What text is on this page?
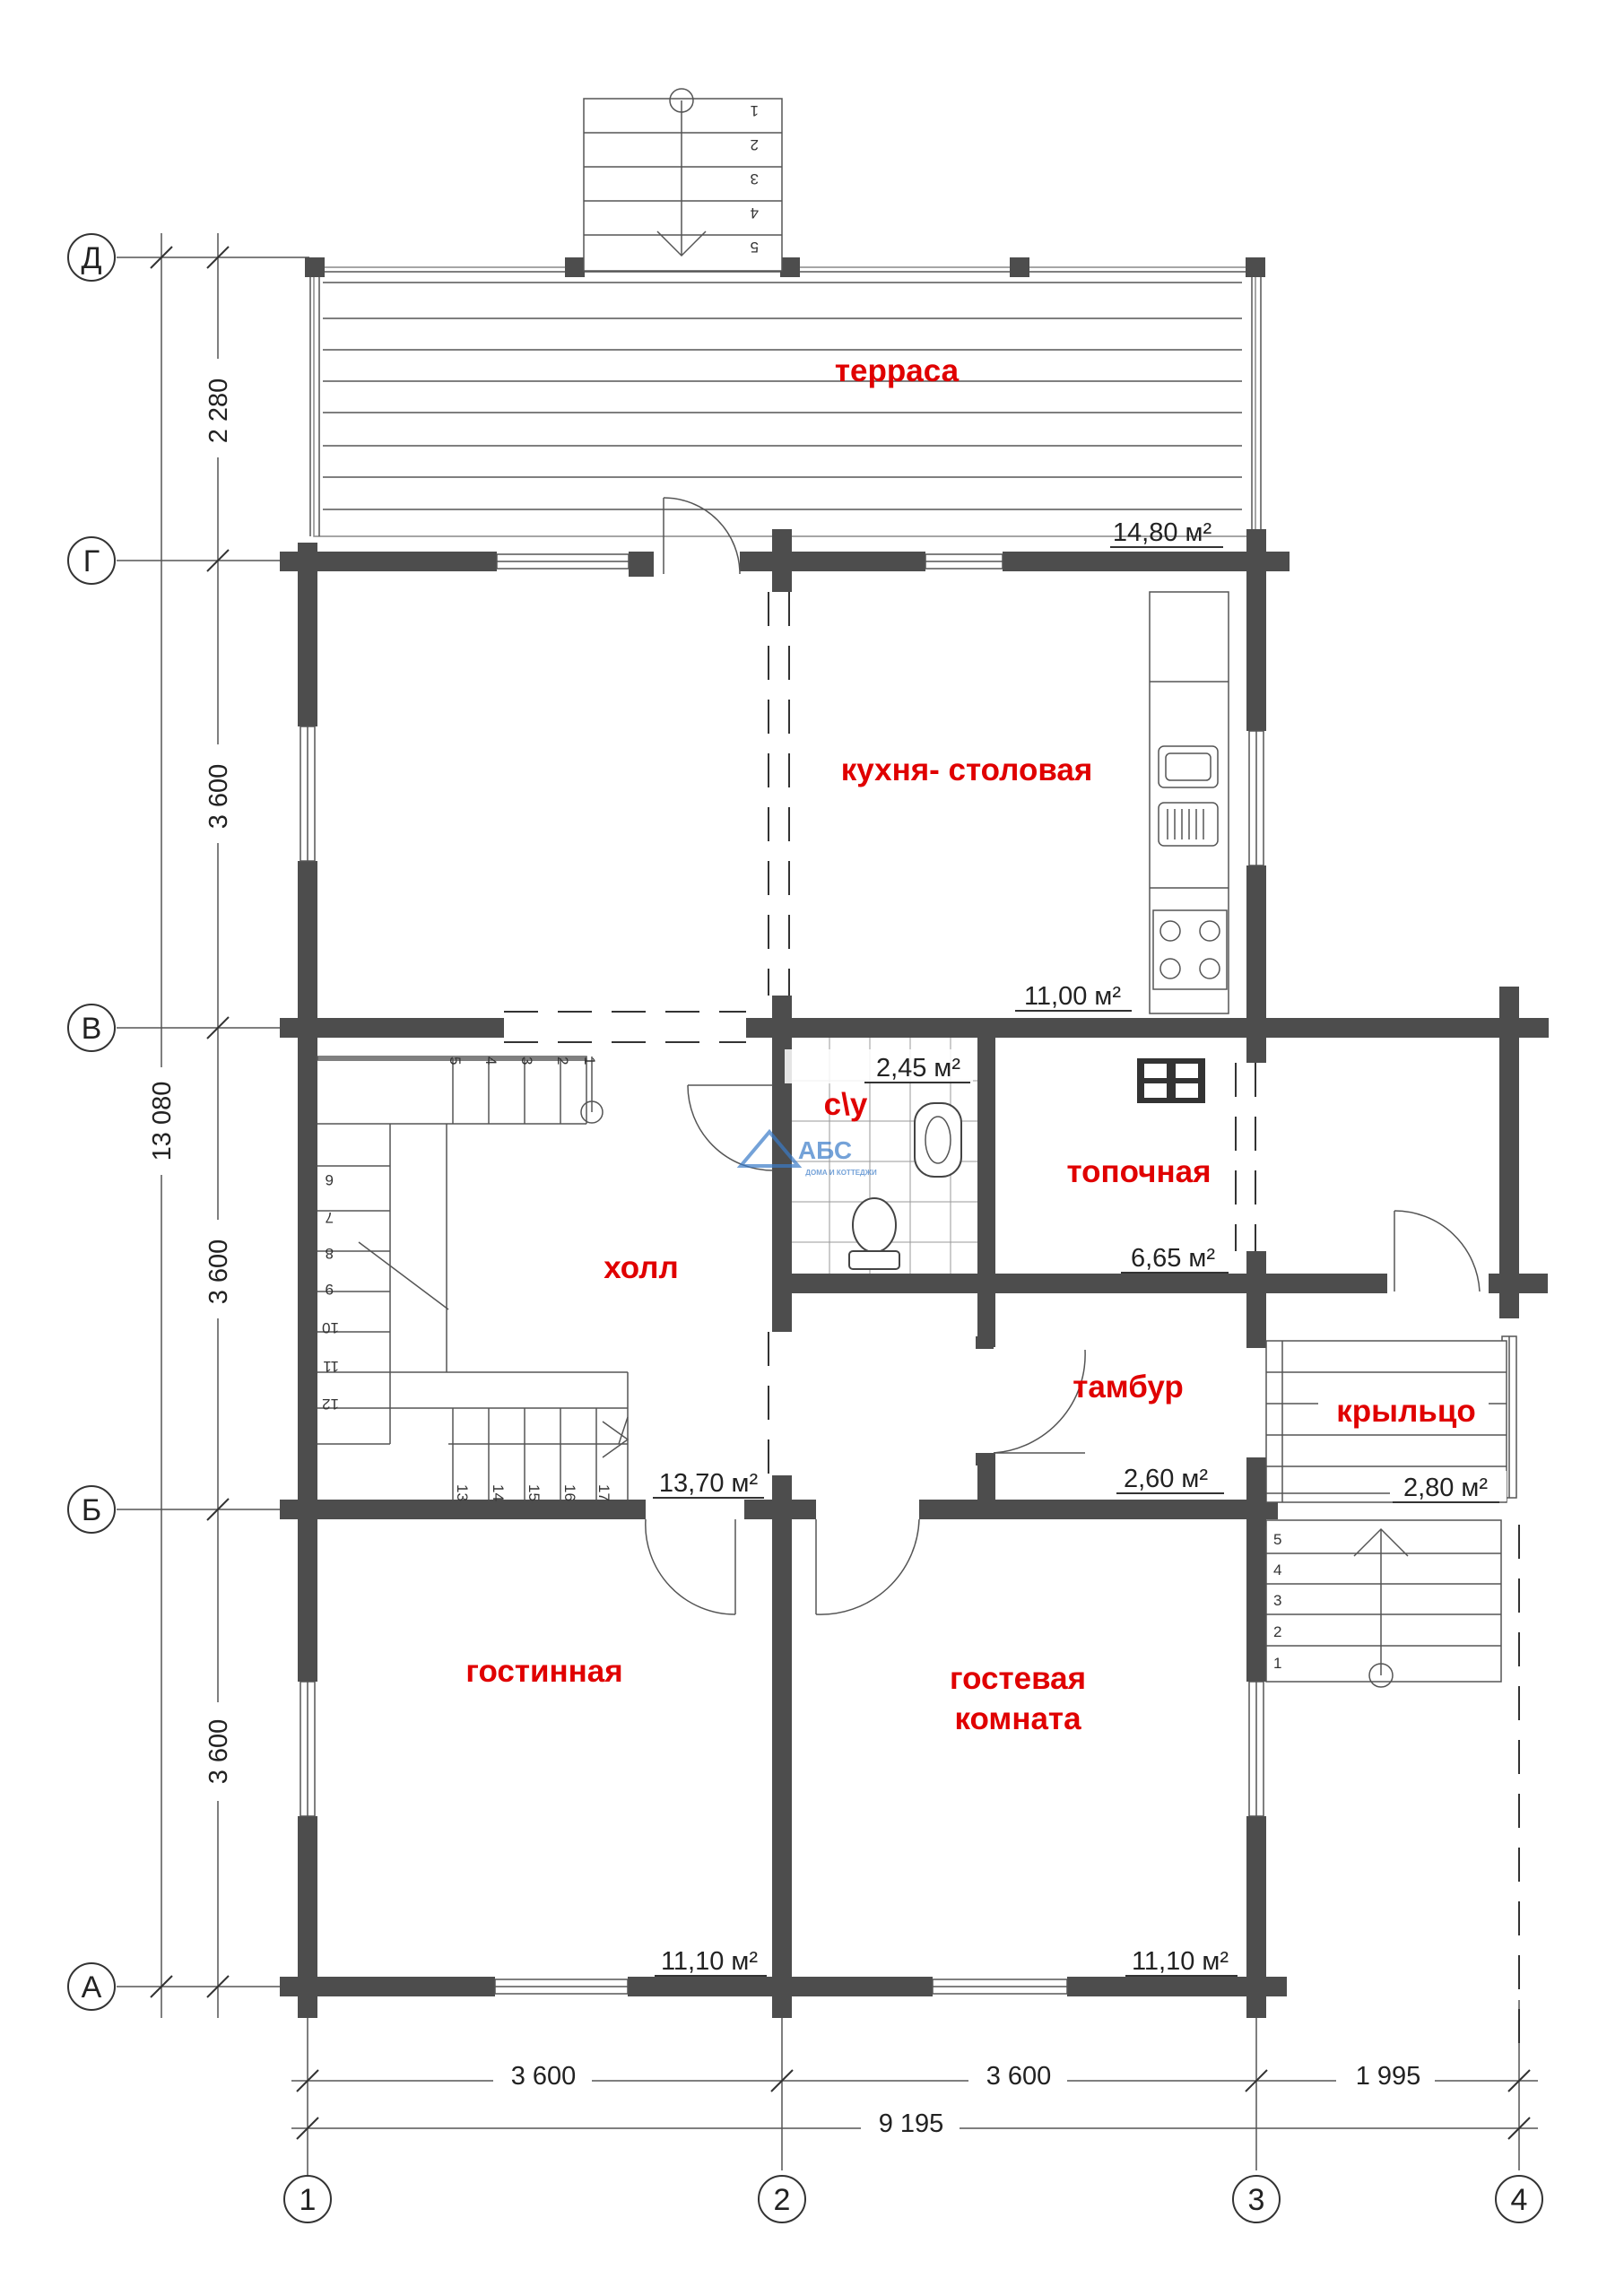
2 280
3 600
3 600
3 600
13 080
Д
Г
В
Б
А
3 600	3 600	1 995
9 195
1	2	3	4
терраса
14,80 м²
1
2
3
4
5
кухня- столовая
11,00 м²
2,45 м²
с\у
АБС
ДОМА И КОТТЕДЖИ	топочная
6,65 м²
5 4 3 2 1
6
7
8
9
10
11
12
13 14 15 16 17
холл
13,70 м²
тамбур
2,60 м²
5
4
3
2
1
крыльцо
2,80 м²
гостинная
11,10 м²
гостевая
комната
11,10 м²
